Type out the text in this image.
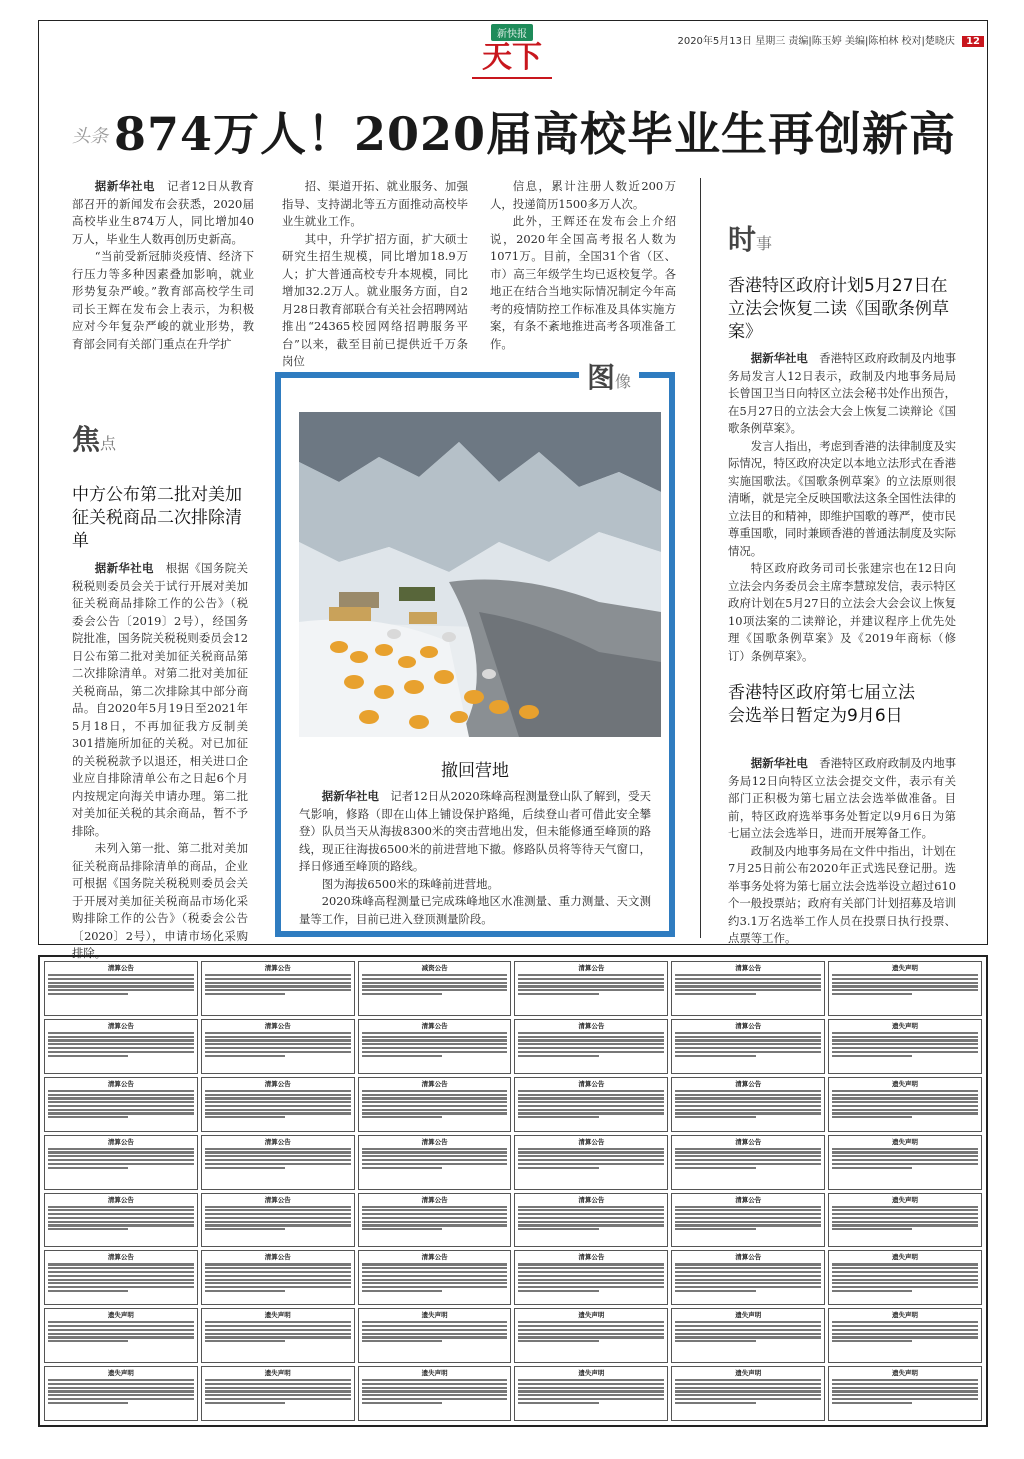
新快报
天下	2020年5月13日 星期三 责编|陈玉婷 美编|陈柏林 校对|楚晓庆 12
头条 874万人！2020届高校毕业生再创新高

据新华社电　记者12日从教育部召开的新闻发布会获悉，2020届高校毕业生874万人，同比增加40万人，毕业生人数再创历史新高。

“当前受新冠肺炎疫情、经济下行压力等多种因素叠加影响，就业形势复杂严峻。”教育部高校学生司司长王辉在发布会上表示，为积极应对今年复杂严峻的就业形势，教育部会同有关部门重点在升学扩

招、渠道开拓、就业服务、加强指导、支持湖北等五方面推动高校毕业生就业工作。

其中，升学扩招方面，扩大硕士研究生招生规模，同比增加18.9万人；扩大普通高校专升本规模，同比增加32.2万人。就业服务方面，自2月28日教育部联合有关社会招聘网站推出“24365校园网络招聘服务平台”以来，截至目前已提供近千万条岗位

信息，累计注册人数近200万人，投递简历1500多万人次。

此外，王辉还在发布会上介绍说，2020年全国高考报名人数为1071万。目前，全国31个省（区、市）高三年级学生均已返校复学。各地正在结合当地实际情况制定今年高考的疫情防控工作标准及具体实施方案，有条不紊地推进高考各项准备工作。

焦点
中方公布第二批对美加征关税商品二次排除清单

据新华社电　根据《国务院关税税则委员会关于试行开展对美加征关税商品排除工作的公告》（税委会公告〔2019〕2号），经国务院批准，国务院关税税则委员会12日公布第二批对美加征关税商品第二次排除清单。对第二批对美加征关税商品，第二次排除其中部分商品。自2020年5月19日至2021年5月18日，不再加征我方反制美301措施所加征的关税。对已加征的关税税款予以退还，相关进口企业应自排除清单公布之日起6个月内按规定向海关申请办理。第二批对美加征关税的其余商品，暂不予排除。

未列入第一批、第二批对美加征关税商品排除清单的商品，企业可根据《国务院关税税则委员会关于开展对美加征关税商品市场化采购排除工作的公告》（税委会公告〔2020〕2号），申请市场化采购排除。

图像
撤回营地

据新华社电　记者12日从2020珠峰高程测量登山队了解到，受天气影响，修路（即在山体上铺设保护路绳，后续登山者可借此安全攀登）队员当天从海拔8300米的突击营地出发，但未能修通至峰顶的路线，现正往海拔6500米的前进营地下撤。修路队员将等待天气窗口，择日修通至峰顶的路线。

图为海拔6500米的珠峰前进营地。

2020珠峰高程测量已完成珠峰地区水准测量、重力测量、天文测量等工作，目前已进入登顶测量阶段。

时事
香港特区政府计划5月27日在立法会恢复二读《国歌条例草案》

据新华社电　香港特区政府政制及内地事务局发言人12日表示，政制及内地事务局局长曾国卫当日向特区立法会秘书处作出预告，在5月27日的立法会大会上恢复二读辩论《国歌条例草案》。

发言人指出，考虑到香港的法律制度及实际情况，特区政府决定以本地立法形式在香港实施国歌法。《国歌条例草案》的立法原则很清晰，就是完全反映国歌法这条全国性法律的立法目的和精神，即维护国歌的尊严，使市民尊重国歌，同时兼顾香港的普通法制度及实际情况。

特区政府政务司司长张建宗也在12日向立法会内务委员会主席李慧琼发信，表示特区政府计划在5月27日的立法会大会会议上恢复10项法案的二读辩论，并建议程序上优先处理《国歌条例草案》及《2019年商标（修订）条例草案》。

香港特区政府第七届立法会选举日暂定为9月6日

据新华社电　香港特区政府政制及内地事务局12日向特区立法会提交文件，表示有关部门正积极为第七届立法会选举做准备。目前，特区政府选举事务处暂定以9月6日为第七届立法会选举日，进而开展筹备工作。

政制及内地事务局在文件中指出，计划在7月25日前公布2020年正式选民登记册。选举事务处将为第七届立法会选举设立超过610个一般投票站；政府有关部门计划招募及培训约3.1万名选举工作人员在投票日执行投票、点票等工作。

清算公告
清算公告
清算公告
清算公告
清算公告
清算公告
遗失声明
遗失声明
清算公告
清算公告
清算公告
清算公告
清算公告
清算公告
遗失声明
遗失声明
减资公告
清算公告
清算公告
清算公告
清算公告
清算公告
遗失声明
遗失声明
清算公告
清算公告
清算公告
清算公告
清算公告
清算公告
遗失声明
遗失声明
清算公告
清算公告
清算公告
清算公告
清算公告
清算公告
遗失声明
遗失声明
遗失声明
遗失声明
遗失声明
遗失声明
遗失声明
遗失声明
遗失声明
遗失声明
